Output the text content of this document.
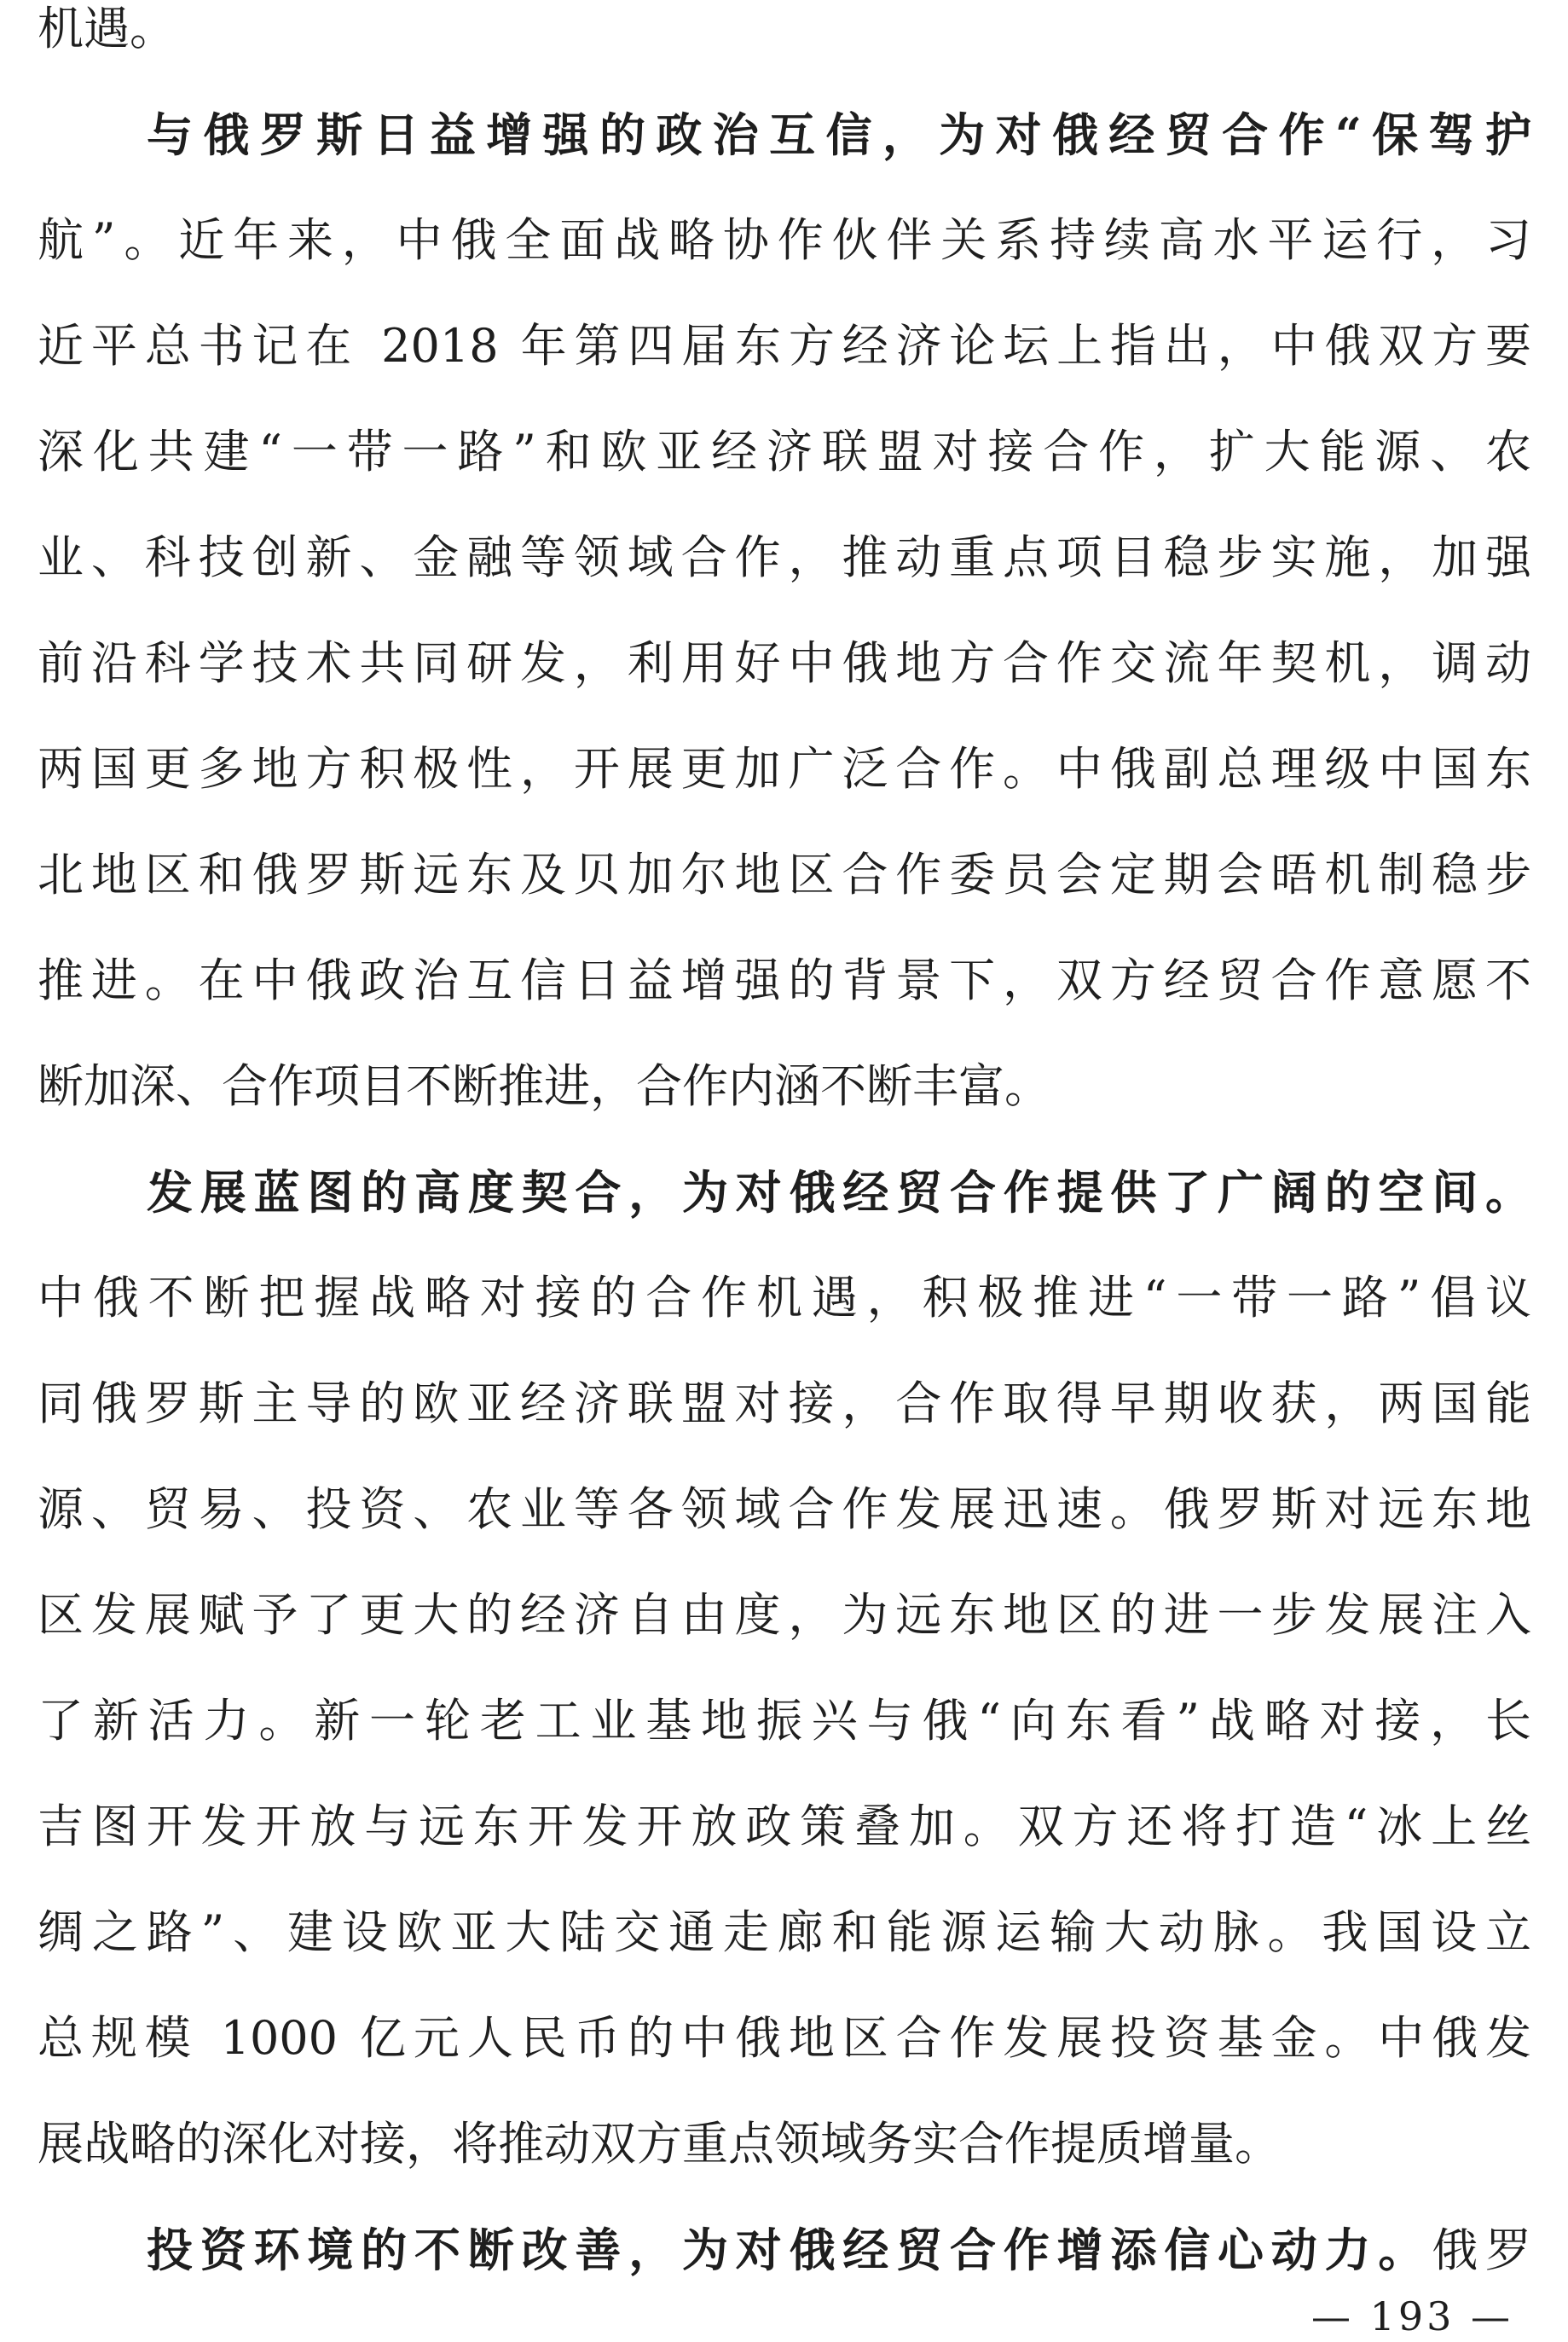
机遇。
与俄罗斯日益增强的政治互信，为对俄经贸合作“保驾护
航”。近年来，中俄全面战略协作伙伴关系持续高水平运行，习
近平总书记在 2018 年第四届东方经济论坛上指出，中俄双方要
深化共建“一带一路”和欧亚经济联盟对接合作，扩大能源、农
业、科技创新、金融等领域合作，推动重点项目稳步实施，加强
前沿科学技术共同研发，利用好中俄地方合作交流年契机，调动
两国更多地方积极性，开展更加广泛合作。中俄副总理级中国东
北地区和俄罗斯远东及贝加尔地区合作委员会定期会晤机制稳步
推进。在中俄政治互信日益增强的背景下，双方经贸合作意愿不
断加深、合作项目不断推进，合作内涵不断丰富。
发展蓝图的高度契合，为对俄经贸合作提供了广阔的空间。
中俄不断把握战略对接的合作机遇，积极推进“一带一路”倡议
同俄罗斯主导的欧亚经济联盟对接，合作取得早期收获，两国能
源、贸易、投资、农业等各领域合作发展迅速。俄罗斯对远东地
区发展赋予了更大的经济自由度，为远东地区的进一步发展注入
了新活力。新一轮老工业基地振兴与俄“向东看”战略对接，长
吉图开发开放与远东开发开放政策叠加。双方还将打造“冰上丝
绸之路”、建设欧亚大陆交通走廊和能源运输大动脉。我国设立
总规模 1000 亿元人民币的中俄地区合作发展投资基金。中俄发
展战略的深化对接，将推动双方重点领域务实合作提质增量。
投资环境的不断改善，为对俄经贸合作增添信心动力。俄罗
— 193 —
